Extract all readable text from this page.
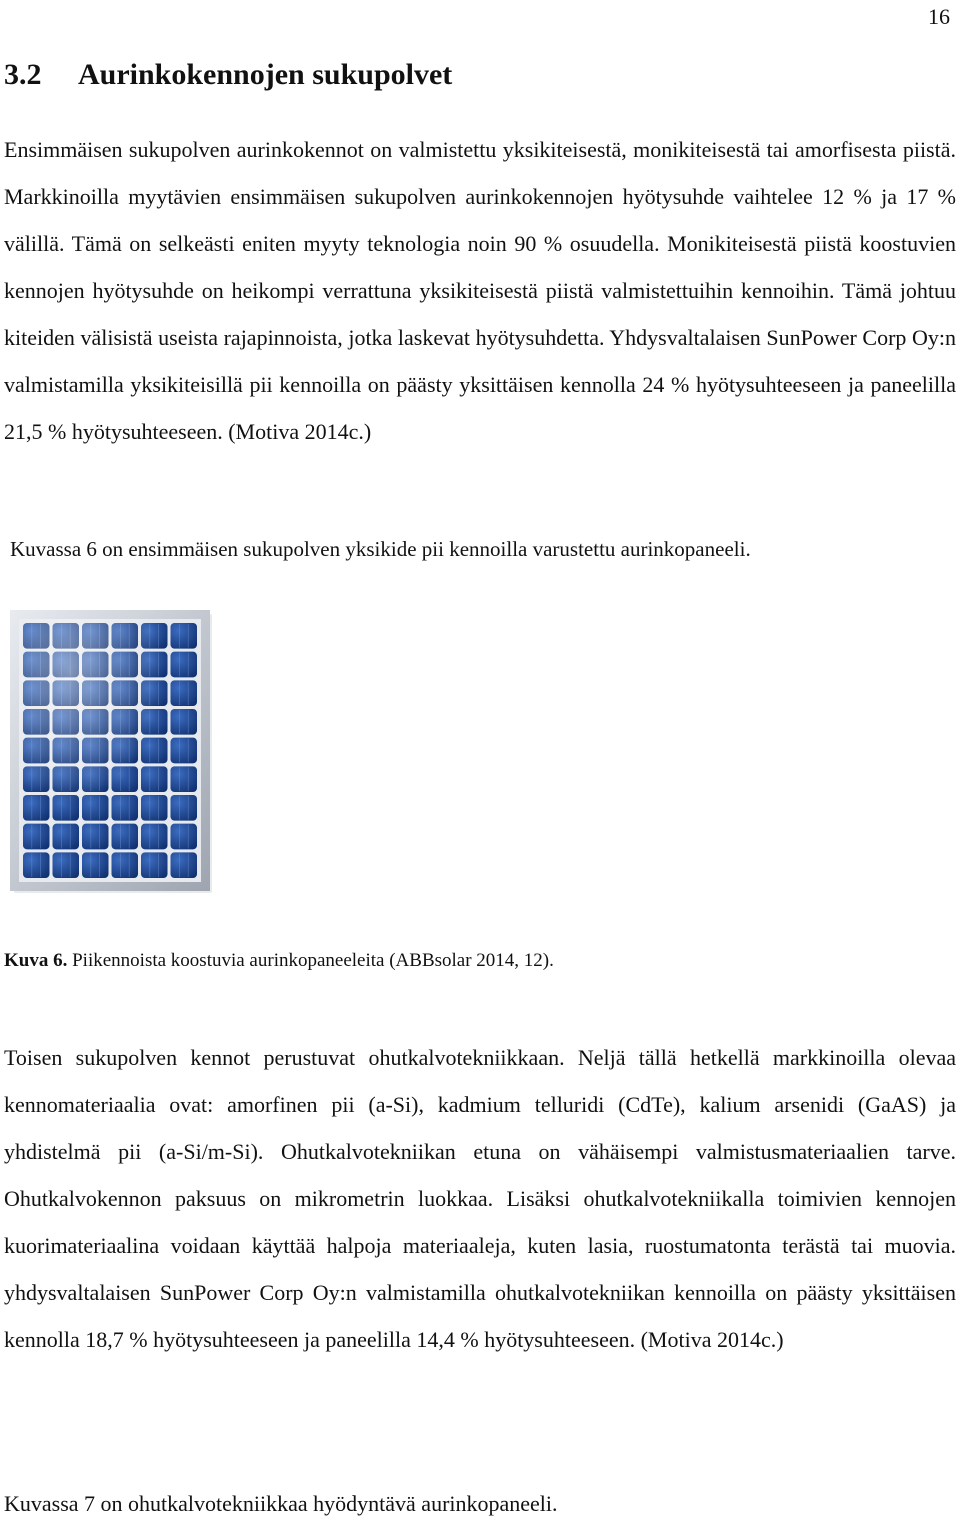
16
3.2 Aurinkokennojen sukupolvet

Ensimmäisen sukupolven aurinkokennot on valmistettu yksikiteisestä, monikiteisestä tai amorfisesta piistä. Markkinoilla myytävien ensimmäisen sukupolven aurinkokennojen hyötysuhde vaihtelee 12 % ja 17 % välillä. Tämä on selkeästi eniten myyty teknologia noin 90 % osuudella. Monikiteisestä piistä koostuvien kennojen hyötysuhde on heikompi verrattuna yksikiteisestä piistä valmistettuihin kennoihin. Tämä johtuu kiteiden välisistä useista rajapinnoista, jotka laskevat hyötysuhdetta. Yhdysvaltalaisen SunPower Corp Oy:n valmistamilla yksikiteisillä pii kennoilla on päästy yksittäisen kennolla 24 % hyötysuhteeseen ja paneelilla 21,5 % hyötysuhteeseen. (Motiva 2014c.)

Kuvassa 6 on ensimmäisen sukupolven yksikide pii kennoilla varustettu aurinkopaneeli.

Kuva 6. Piikennoista koostuvia aurinkopaneeleita (ABBsolar 2014, 12).

Toisen sukupolven kennot perustuvat ohutkalvotekniikkaan. Neljä tällä hetkellä markkinoilla olevaa kennomateriaalia ovat: amorfinen pii (a-Si), kadmium telluridi (CdTe), kalium arsenidi (GaAS) ja yhdistelmä pii (a-Si/m-Si). Ohutkalvotekniikan etuna on vähäisempi valmistusmateriaalien tarve. Ohutkalvokennon paksuus on mikrometrin luokkaa. Lisäksi ohutkalvotekniikalla toimivien kennojen kuorimateriaalina voidaan käyttää halpoja materiaaleja, kuten lasia, ruostumatonta terästä tai muovia. yhdysvaltalaisen SunPower Corp Oy:n valmistamilla ohutkalvotekniikan kennoilla on päästy yksittäisen kennolla 18,7 % hyötysuhteeseen ja paneelilla 14,4 % hyötysuhteeseen. (Motiva 2014c.)

Kuvassa 7 on ohutkalvotekniikkaa hyödyntävä aurinkopaneeli.
